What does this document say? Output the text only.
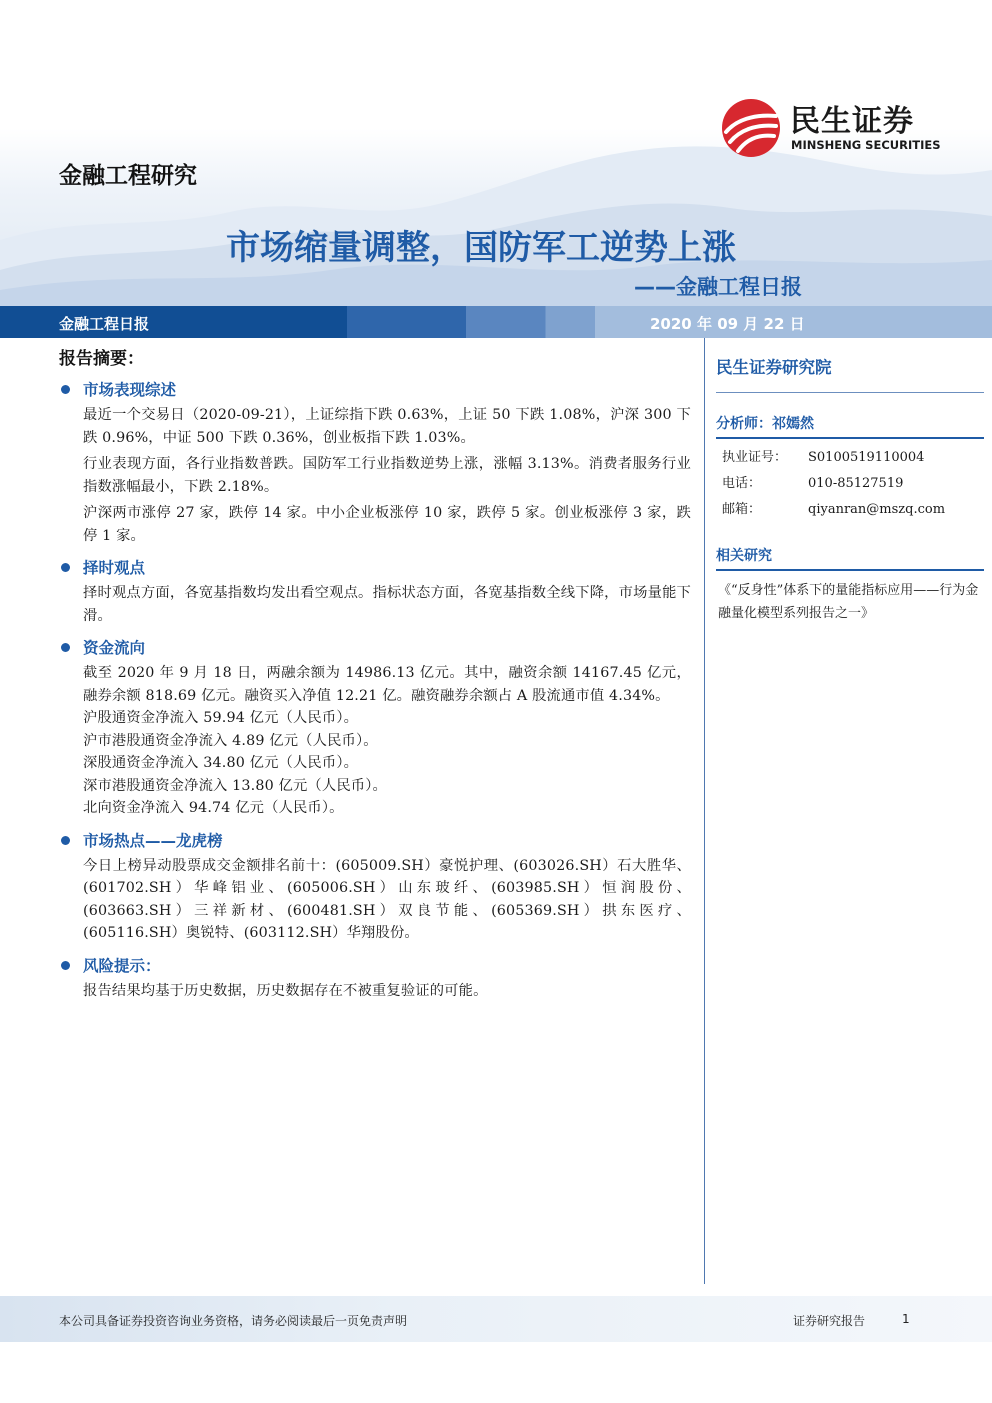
金融工程研究
民生证券
MINSHENG SECURITIES
市场缩量调整，国防军工逆势上涨
——金融工程日报
金融工程日报	2020 年 09 月 22 日
报告摘要：
市场表现综述
最近一个交易日（2020-09-21），上证综指下跌 0.63%，上证 50 下跌 1.08%，沪深 300 下跌 0.96%，中证 500 下跌 0.36%，创业板指下跌 1.03%。
行业表现方面，各行业指数普跌。国防军工行业指数逆势上涨，涨幅 3.13%。消费者服务行业指数涨幅最小，下跌 2.18%。
沪深两市涨停 27 家，跌停 14 家。中小企业板涨停 10 家，跌停 5 家。创业板涨停 3 家，跌停 1 家。
择时观点
择时观点方面，各宽基指数均发出看空观点。指标状态方面，各宽基指数全线下降，市场量能下滑。
资金流向
截至 2020 年 9 月 18 日，两融余额为 14986.13 亿元。其中，融资余额 14167.45 亿元，融券余额 818.69 亿元。融资买入净值 12.21 亿。融资融券余额占 A 股流通市值 4.34%。
沪股通资金净流入 59.94 亿元（人民币）。
沪市港股通资金净流入 4.89 亿元（人民币）。
深股通资金净流入 34.80 亿元（人民币）。
深市港股通资金净流入 13.80 亿元（人民币）。
北向资金净流入 94.74 亿元（人民币）。
市场热点——龙虎榜
今日上榜异动股票成交金额排名前十：(605009.SH）豪悦护理、(603026.SH）石大胜华、(601702.SH）华峰铝业、(605006.SH）山东玻纤、(603985.SH）恒润股份、(603663.SH）三祥新材、(600481.SH）双良节能、(605369.SH）拱东医疗、(605116.SH）奥锐特、(603112.SH）华翔股份。
风险提示：
报告结果均基于历史数据，历史数据存在不被重复验证的可能。
民生证券研究院
分析师：祁嫣然
执业证号：	S0100519110004
电话：	010-85127519
邮箱：	qiyanran@mszq.com
相关研究
《“反身性”体系下的量能指标应用——行为金融量化模型系列报告之一》
本公司具备证券投资咨询业务资格，请务必阅读最后一页免责声明	证券研究报告	1
